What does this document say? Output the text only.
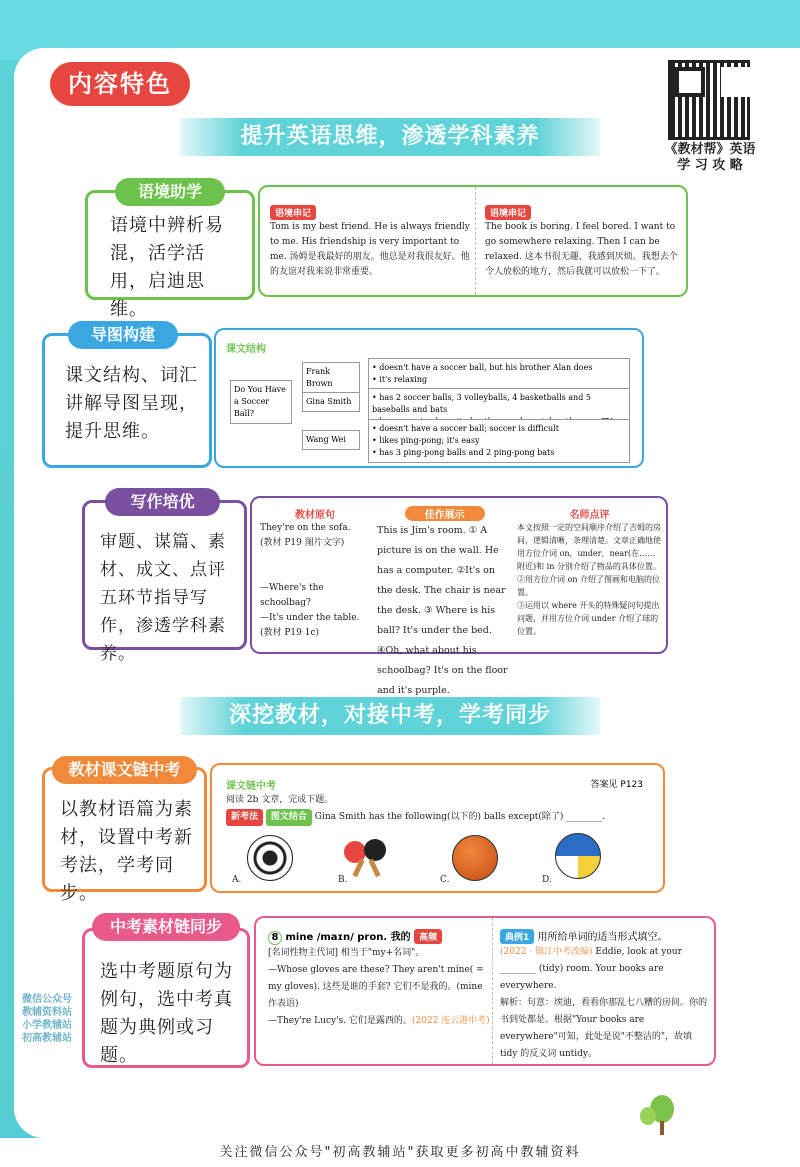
内容特色
《教材帮》英语
学 习 攻 略
提升英语思维，渗透学科素养
语境助学
语境中辨析易混，活学活用，启迪思维。
语境串记
Tom is my best friend. He is always friendly to me. His friendship is very important to me. 汤姆是我最好的朋友。他总是对我很友好。他的友谊对我来说非常重要。
语境串记
The book is boring. I feel bored. I want to go somewhere relaxing. Then I can be relaxed. 这本书很无趣，我感到厌烦。我想去个令人放松的地方，然后我就可以放松一下了。
导图构建
课文结构、词汇讲解导图呈现，提升思维。
课文结构
Do You Have a Soccer Ball?
Frank Brown
Gina Smith
Wang Wei
• doesn't have a soccer ball, but his brother Alan does
• it's relaxing
• has 2 soccer balls, 3 volleyballs, 4 basketballs and 5 baseballs and bats
• doesn't have a soccer ball; soccer is difficult
• likes ping-pong; it's easy
• has 3 ping-pong balls and 2 ping-pong bats
写作培优
审题、谋篇、素材、成文、点评五环节指导写作，渗透学科素养。
教材原句
They're on the sofa.
(教材 P19 图片文字)
—Where's the schoolbag?
—It's under the table.
(教材 P19 1c)
佳作展示
This is Jim's room. ① A picture is on the wall. He has a computer. ②It's on the desk. The chair is near the desk. ③ Where is his ball? It's under the bed. ④Oh, what about his schoolbag? It's on the floor and it's purple.
名师点评
本文按照一定的空间顺序介绍了吉姆的房间，逻辑清晰，条理清楚。文章正确地使用方位介词 on，under，near(在……附近)和 in 分别介绍了物品的具体位置。
②用方位介词 on 介绍了图画和电脑的位置。
③运用以 where 开头的特殊疑问句提出问题，并用方位介词 under 介绍了球的位置。
深挖教材，对接中考，学考同步
教材课文链中考
以教材语篇为素材，设置中考新考法，学考同步。
课文链中考	答案见 P123
阅读 2b 文章，完成下题。
新考法 图文结合 Gina Smith has the following(以下的) balls except(除了) ________.
A.	B.	C.	D.
中考素材链同步
选中考题原句为例句，选中考真题为典例或习题。
8 mine /maɪn/ pron. 我的 高频
[名词性物主代词] 相当于"my+名词"。
—Whose gloves are these? They aren't mine( = my gloves). 这些是谁的手套? 它们不是我的。(mine 作表语)
—They're Lucy's. 它们是露西的。(2022 连云港中考)
典例1 用所给单词的适当形式填空。
(2022 · 镇江中考改编) Eddie, look at your ________ (tidy) room. Your books are everywhere.
解析：句意：埃迪，看看你那乱七八糟的房间。你的书到处都是。根据"Your books are everywhere"可知，此处是说"不整洁的"，故填 tidy 的反义词 untidy。
微信公众号
教辅资料站
小学教辅站
初高教辅站
关注微信公众号"初高教辅站"获取更多初高中教辅资料
